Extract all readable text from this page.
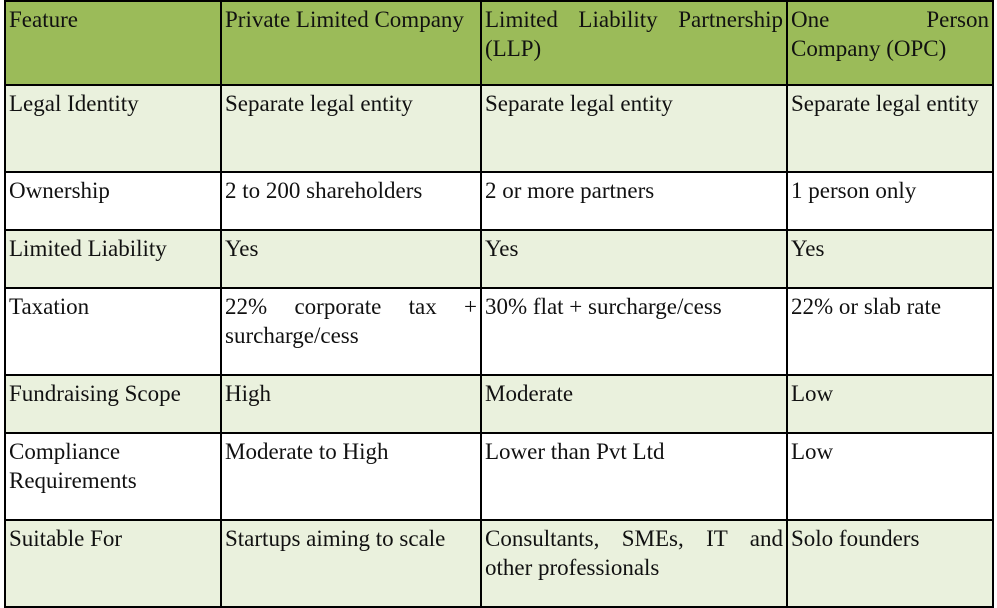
Feature	Private Limited Company	Limited Liability Partnership (LLP)	One Person Company (OPC)
Legal Identity	Separate legal entity	Separate legal entity	Separate legal entity
Ownership	2 to 200 shareholders	2 or more partners	1 person only
Limited Liability	Yes	Yes	Yes
Taxation	22% corporate tax + surcharge/cess	30% flat + surcharge/cess	22% or slab rate
Fundraising Scope	High	Moderate	Low
Compliance Requirements	Moderate to High	Lower than Pvt Ltd	Low
Suitable For	Startups aiming to scale	Consultants, SMEs, IT and other professionals	Solo founders
